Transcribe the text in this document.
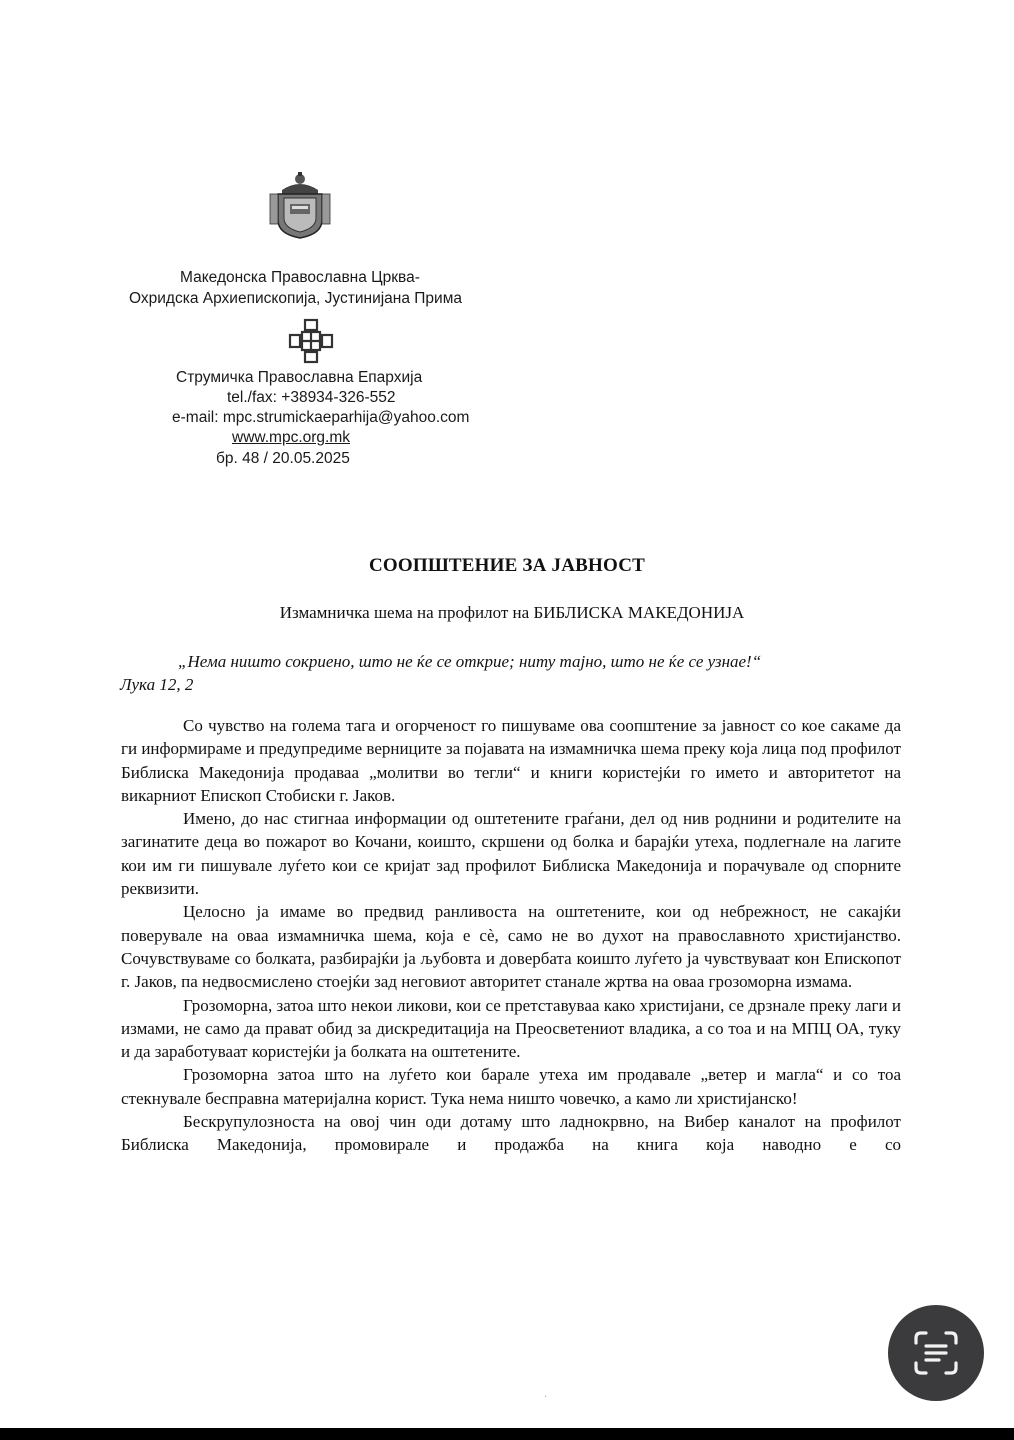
Македонска Православна Црква-
Охридска Архиепископија, Јустинијана Прима
Струмичка Православна Епархија
tel./fax: +38934-326-552
e-mail: mpc.strumickaeparhija@yahoo.com
www.mpc.org.mk
бр. 48 / 20.05.2025
СООПШТЕНИЕ ЗА ЈАВНОСТ
Измамничка шема на профилот на БИБЛИСКА МАКЕДОНИЈА
„Нема ништо сокриено, што не ќе се открие; ниту тајно, што не ќе се узнае!“
Лука 12, 2

Со чувство на голема тага и огорченост го пишуваме ова соопштение за јавност со кое сакаме да ги информираме и предупредиме верниците за појавата на измамничка шема преку која лица под профилот Библиска Македонија продаваа „молитви во тегли“ и книги користејќи го името и авторитетот на викарниот Епископ Стобиски г. Јаков.

Имено, до нас стигнаа информации од оштетените граѓани, дел од нив роднини и родителите на загинатите деца во пожарот во Кочани, коишто, скршени од болка и барајќи утеха, подлегнале на лагите кои им ги пишувале луѓето кои се кријат зад профилот Библиска Македонија и порачувале од спорните реквизити.

Целосно ја имаме во предвид ранливоста на оштетените, кои од небрежност, не сакајќи поверувале на оваа измамничка шема, која е сѐ, само не во духот на православното христијанство. Сочувствуваме со болката, разбирајќи ја љубовта и довербата коишто луѓето ја чувствуваат кон Епископот г. Јаков, па недвосмислено стоејќи зад неговиот авторитет станале жртва на оваа грозоморна измама.

Грозоморна, затоа што некои ликови, кои се претставуваа како христијани, се дрзнале преку лаги и измами, не само да прават обид за дискредитација на Преосветениот владика, а со тоа и на МПЦ ОА, туку и да заработуваат користејќи ја болката на оштетените.

Грозоморна затоа што на луѓето кои барале утеха им продавале „ветер и магла“ и со тоа стекнувале бесправна материјална корист. Тука нема ништо човечко, а камо ли христијанско!

Бескрупулозноста на овој чин оди дотаму што ладнокрвно, на Вибер каналот на профилот Библиска Македонија, промовирале и продажба на книга која наводно е со

·
